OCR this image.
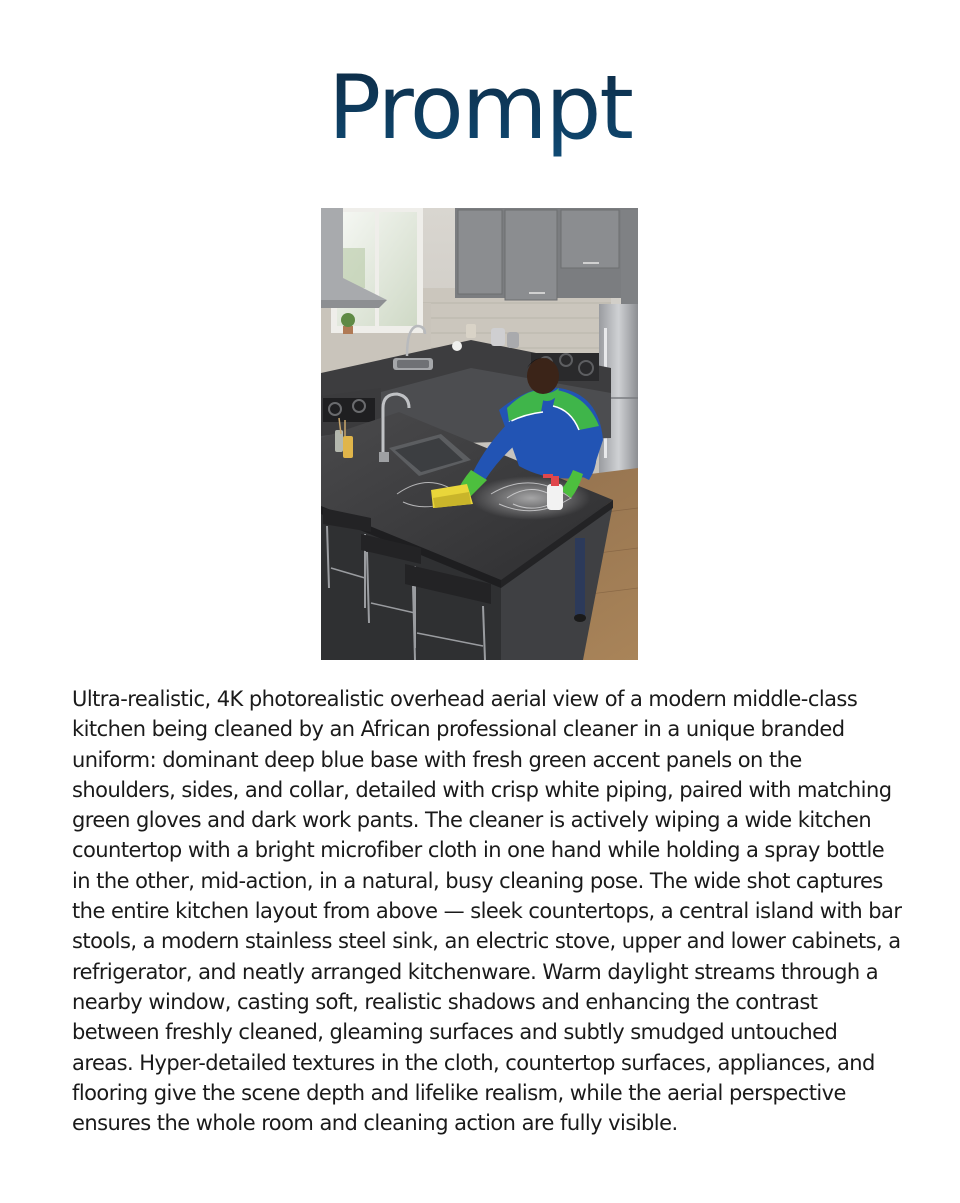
Prompt

Ultra-realistic, 4K photorealistic overhead aerial view of a modern middle-class kitchen being cleaned by an African professional cleaner in a unique branded uniform: dominant deep blue base with fresh green accent panels on the shoulders, sides, and collar, detailed with crisp white piping, paired with matching green gloves and dark work pants. The cleaner is actively wiping a wide kitchen countertop with a bright microfiber cloth in one hand while holding a spray bottle in the other, mid-action, in a natural, busy cleaning pose. The wide shot captures the entire kitchen layout from above — sleek countertops, a central island with bar stools, a modern stainless steel sink, an electric stove, upper and lower cabinets, a refrigerator, and neatly arranged kitchenware. Warm daylight streams through a nearby window, casting soft, realistic shadows and enhancing the contrast between freshly cleaned, gleaming surfaces and subtly smudged untouched areas. Hyper-detailed textures in the cloth, countertop surfaces, appliances, and flooring give the scene depth and lifelike realism, while the aerial perspective ensures the whole room and cleaning action are fully visible.
